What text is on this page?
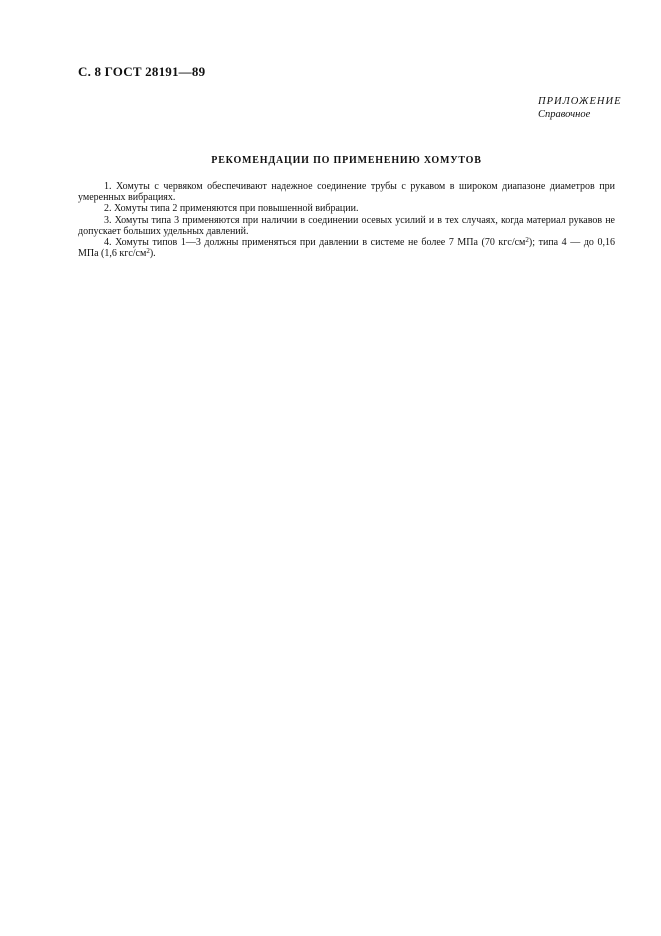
С. 8 ГОСТ 28191—89
ПРИЛОЖЕНИЕ
Справочное
РЕКОМЕНДАЦИИ ПО ПРИМЕНЕНИЮ ХОМУТОВ

1. Хомуты с червяком обеспечивают надежное соединение трубы с рукавом в широком диапазоне диаметров при умеренных вибрациях.

2. Хомуты типа 2 применяются при повышенной вибрации.

3. Хомуты типа 3 применяются при наличии в соединении осевых усилий и в тех случаях, когда материал рукавов не допускает больших удельных давлений.

4. Хомуты типов 1—3 должны применяться при давлении в системе не более 7 МПа (70 кгс/$см^2$); типа 4 — до 0,16 МПа (1,6 кгс/$см^2$).
